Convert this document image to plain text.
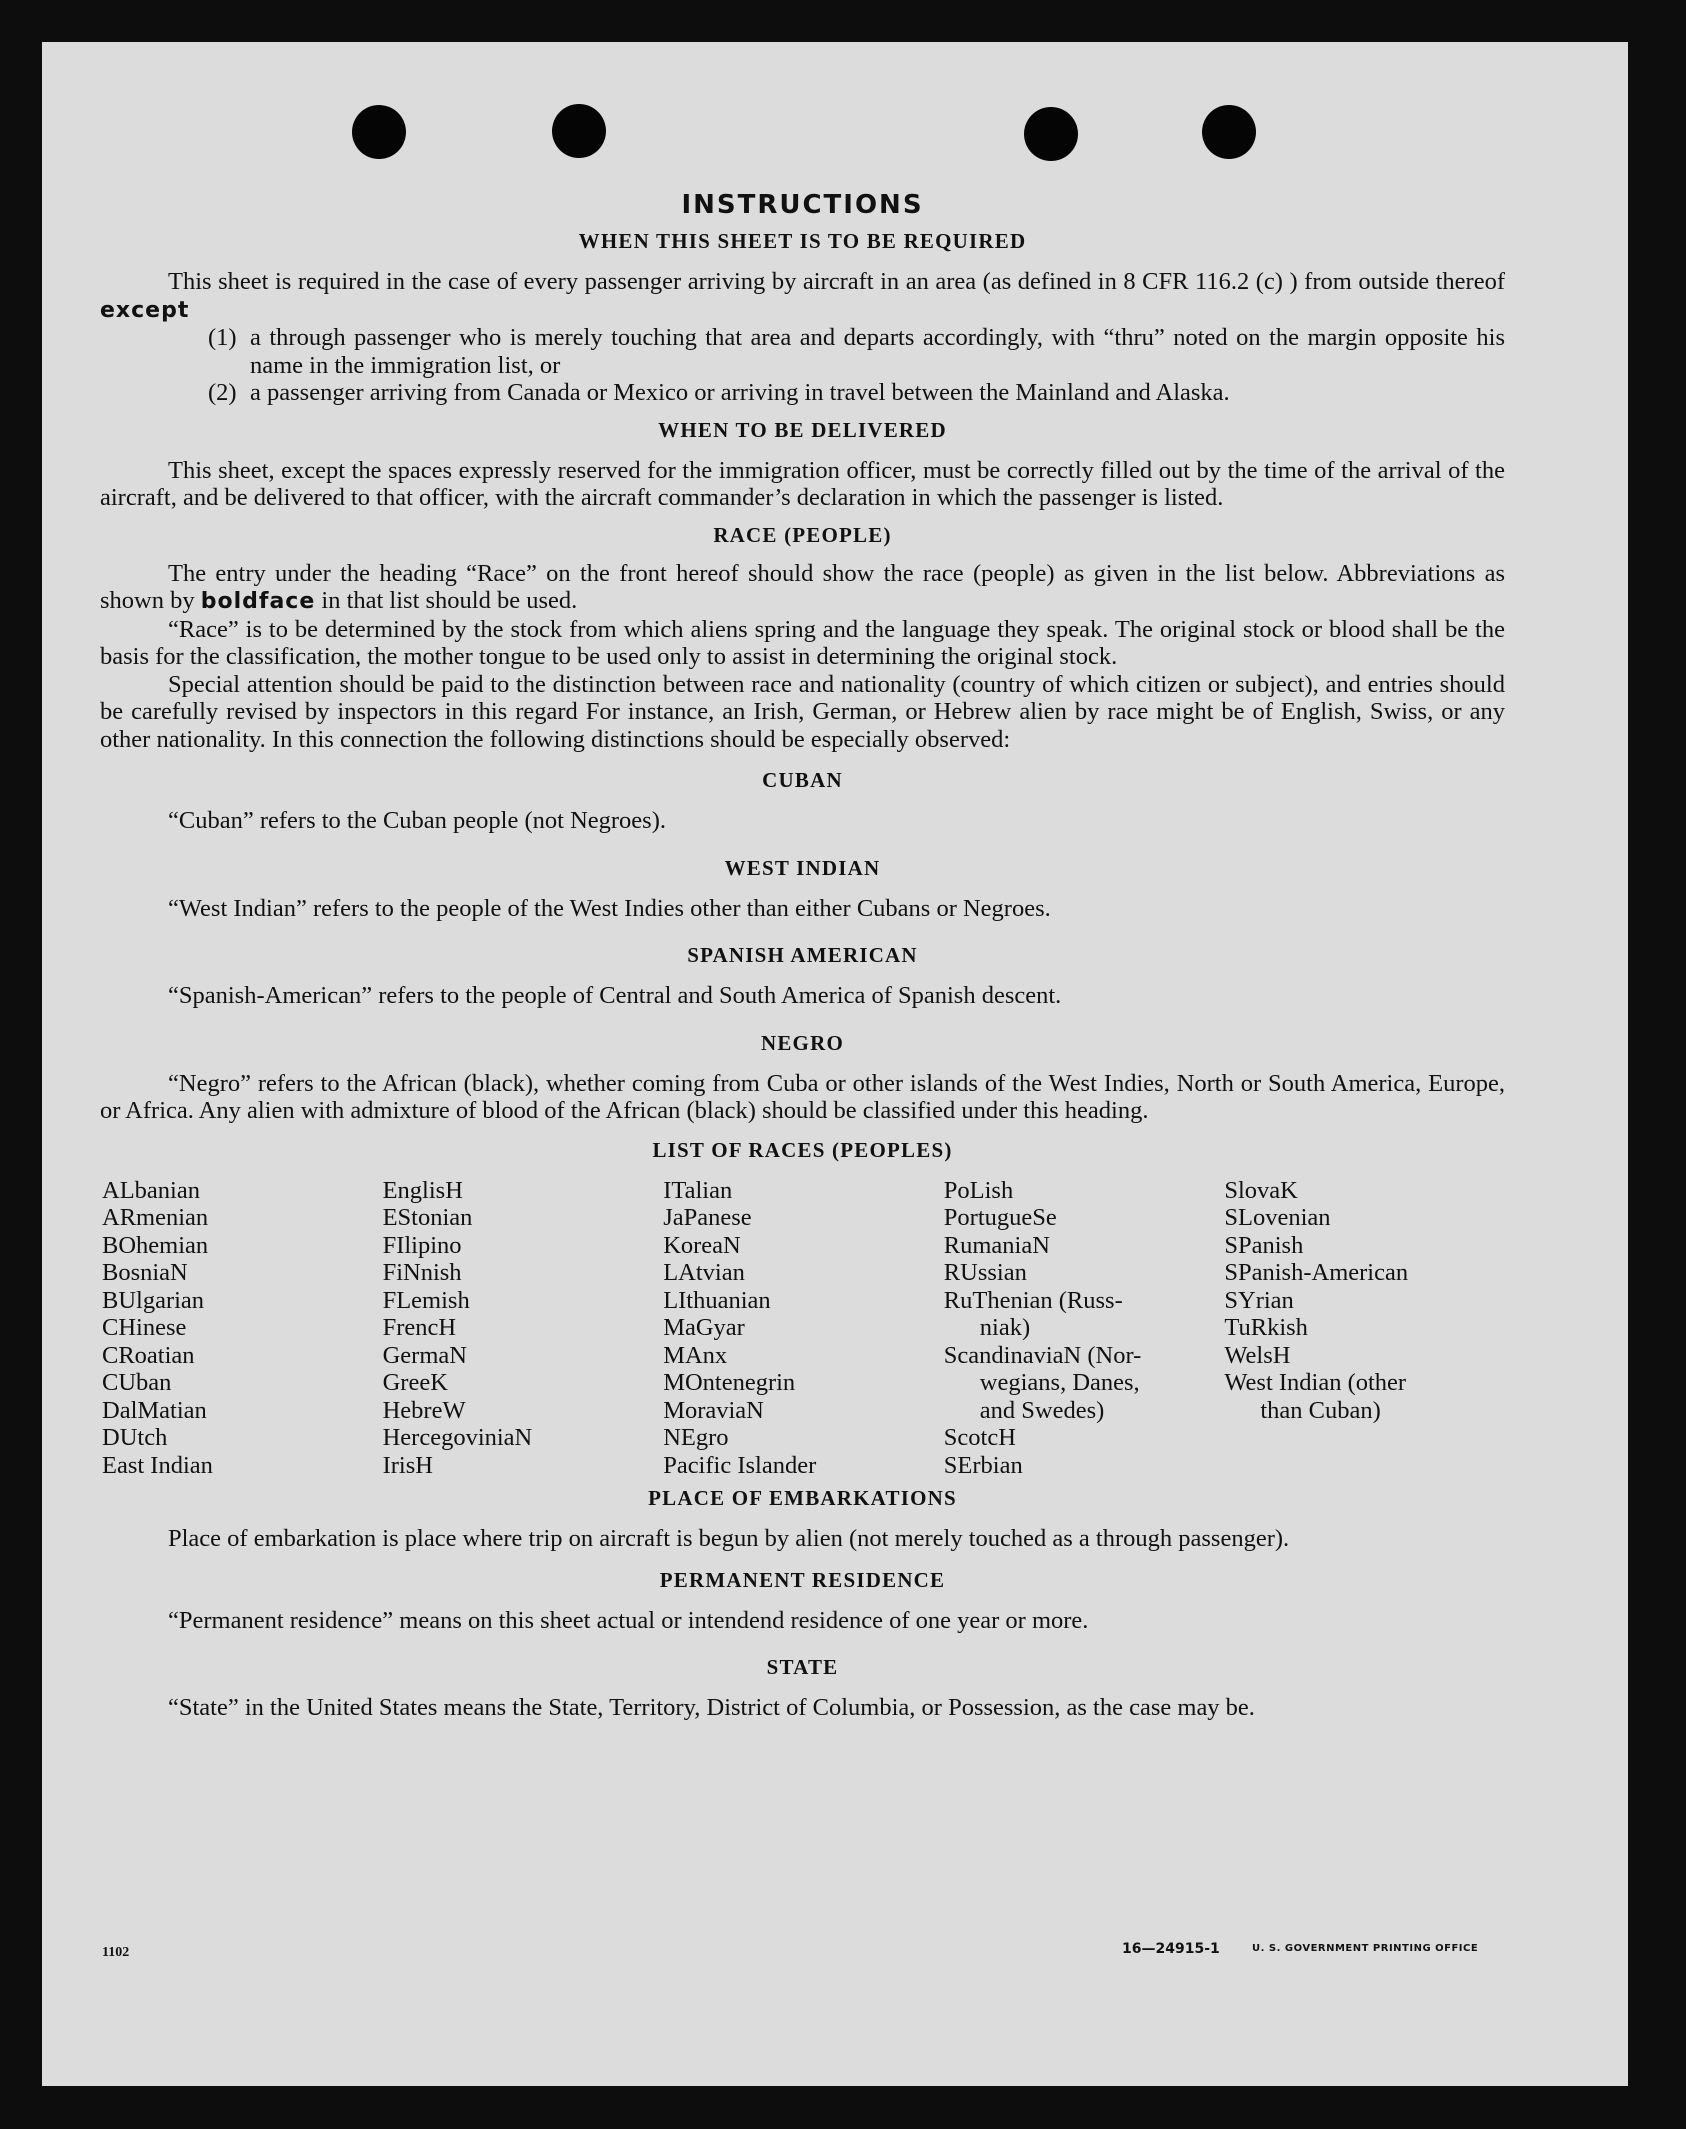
INSTRUCTIONS
WHEN THIS SHEET IS TO BE REQUIRED

This sheet is required in the case of every passenger arriving by aircraft in an area (as defined in 8 CFR 116.2 (c) ) from outside thereof except

(1) a through passenger who is merely touching that area and departs accordingly, with “thru” noted on the margin opposite his name in the immigration list, or
(2) a passenger arriving from Canada or Mexico or arriving in travel between the Mainland and Alaska.
WHEN TO BE DELIVERED

This sheet, except the spaces expressly reserved for the immigration officer, must be correctly filled out by the time of the arrival of the aircraft, and be delivered to that officer, with the aircraft commander’s declaration in which the passenger is listed.

RACE (PEOPLE)

The entry under the heading “Race” on the front hereof should show the race (people) as given in the list below. Abbreviations as shown by boldface in that list should be used.

“Race” is to be determined by the stock from which aliens spring and the language they speak. The original stock or blood shall be the basis for the classification, the mother tongue to be used only to assist in determining the original stock.

Special attention should be paid to the distinction between race and nationality (country of which citizen or subject), and entries should be carefully revised by inspectors in this regard For instance, an Irish, German, or Hebrew alien by race might be of English, Swiss, or any other nationality. In this connection the following distinctions should be especially observed:

CUBAN

“Cuban” refers to the Cuban people (not Negroes).

WEST INDIAN

“West Indian” refers to the people of the West Indies other than either Cubans or Negroes.

SPANISH AMERICAN

“Spanish-American” refers to the people of Central and South America of Spanish descent.

NEGRO

“Negro” refers to the African (black), whether coming from Cuba or other islands of the West Indies, North or South America, Europe, or Africa. Any alien with admixture of blood of the African (black) should be classified under this heading.

LIST OF RACES (PEOPLES)
ALbanian
ARmenian
BOhemian
BosniaN
BUlgarian
CHinese
CRoatian
CUban
DalMatian
DUtch
East Indian
EnglisH
EStonian
FIlipino
FiNnish
FLemish
FrencH
GermaN
GreeK
HebreW
HercegoviniaN
IrisH
ITalian
JaPanese
KoreaN
LAtvian
LIthuanian
MaGyar
MAnx
MOntenegrin
MoraviaN
NEgro
Pacific Islander
PoLish
PortugueSe
RumaniaN
RUssian
RuThenian (Russ-
niak)
ScandinaviaN (Nor-
wegians, Danes,
and Swedes)
ScotcH
SErbian
SlovaK
SLovenian
SPanish
SPanish-American
SYrian
TuRkish
WelsH
West Indian (other
than Cuban)
PLACE OF EMBARKATIONS

Place of embarkation is place where trip on aircraft is begun by alien (not merely touched as a through passenger).

PERMANENT RESIDENCE

“Permanent residence” means on this sheet actual or intendend residence of one year or more.

STATE

“State” in the United States means the State, Territory, District of Columbia, or Possession, as the case may be.

1102	16—24915-1	U. S. GOVERNMENT PRINTING OFFICE
